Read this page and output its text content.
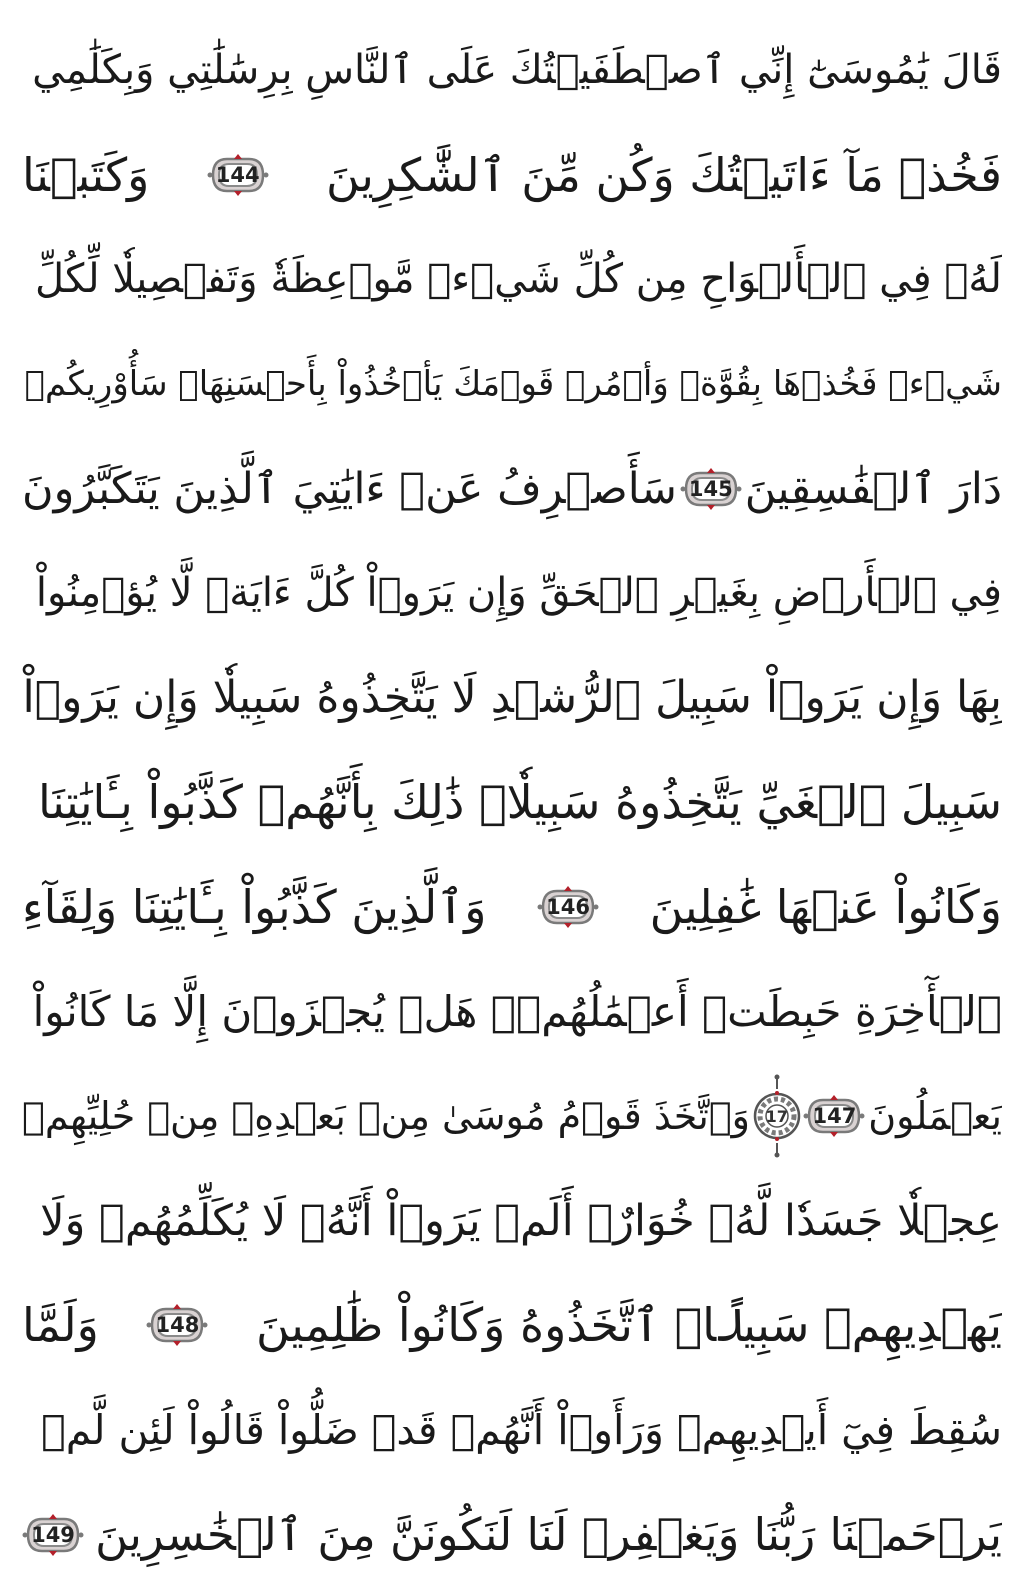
قَالَ يَٰمُوسَىٰٓ إِنِّي ٱصۡطَفَيۡتُكَ عَلَى ٱلنَّاسِ بِرِسَٰلَٰتِي وَبِكَلَٰمِي
فَخُذۡ مَآ ءَاتَيۡتُكَ وَكُن مِّنَ ٱلشَّٰكِرِينَ
144
وَكَتَبۡنَا
لَهُۥ فِي ٱلۡأَلۡوَاحِ مِن كُلِّ شَيۡءٖ مَّوۡعِظَةٗ وَتَفۡصِيلٗا لِّكُلِّ
شَيۡءٖ فَخُذۡهَا بِقُوَّةٖ وَأۡمُرۡ قَوۡمَكَ يَأۡخُذُواْ بِأَحۡسَنِهَاۚ سَأُوْرِيكُمۡ
دَارَ ٱلۡفَٰسِقِينَ
145
سَأَصۡرِفُ عَنۡ ءَايَٰتِيَ ٱلَّذِينَ يَتَكَبَّرُونَ
فِي ٱلۡأَرۡضِ بِغَيۡرِ ٱلۡحَقِّ وَإِن يَرَوۡاْ كُلَّ ءَايَةٖ لَّا يُؤۡمِنُواْ
بِهَا وَإِن يَرَوۡاْ سَبِيلَ ٱلرُّشۡدِ لَا يَتَّخِذُوهُ سَبِيلٗا وَإِن يَرَوۡاْ
سَبِيلَ ٱلۡغَيِّ يَتَّخِذُوهُ سَبِيلٗاۚ ذَٰلِكَ بِأَنَّهُمۡ كَذَّبُواْ بِـَٔايَٰتِنَا
وَكَانُواْ عَنۡهَا غَٰفِلِينَ
146
وَٱلَّذِينَ كَذَّبُواْ بِـَٔايَٰتِنَا وَلِقَآءِ
ٱلۡأٓخِرَةِ حَبِطَتۡ أَعۡمَٰلُهُمۡۚ هَلۡ يُجۡزَوۡنَ إِلَّا مَا كَانُواْ
يَعۡمَلُونَ
147
17
وَٱتَّخَذَ قَوۡمُ مُوسَىٰ مِنۢ بَعۡدِهِۦ مِنۡ حُلِيِّهِمۡ
عِجۡلٗا جَسَدٗا لَّهُۥ خُوَارٌۚ أَلَمۡ يَرَوۡاْ أَنَّهُۥ لَا يُكَلِّمُهُمۡ وَلَا
يَهۡدِيهِمۡ سَبِيلًاۘ ٱتَّخَذُوهُ وَكَانُواْ ظَٰلِمِينَ
148
وَلَمَّا
سُقِطَ فِيٓ أَيۡدِيهِمۡ وَرَأَوۡاْ أَنَّهُمۡ قَدۡ ضَلُّواْ قَالُواْ لَئِن لَّمۡ
يَرۡحَمۡنَا رَبُّنَا وَيَغۡفِرۡ لَنَا لَنَكُونَنَّ مِنَ ٱلۡخَٰسِرِينَ
149
